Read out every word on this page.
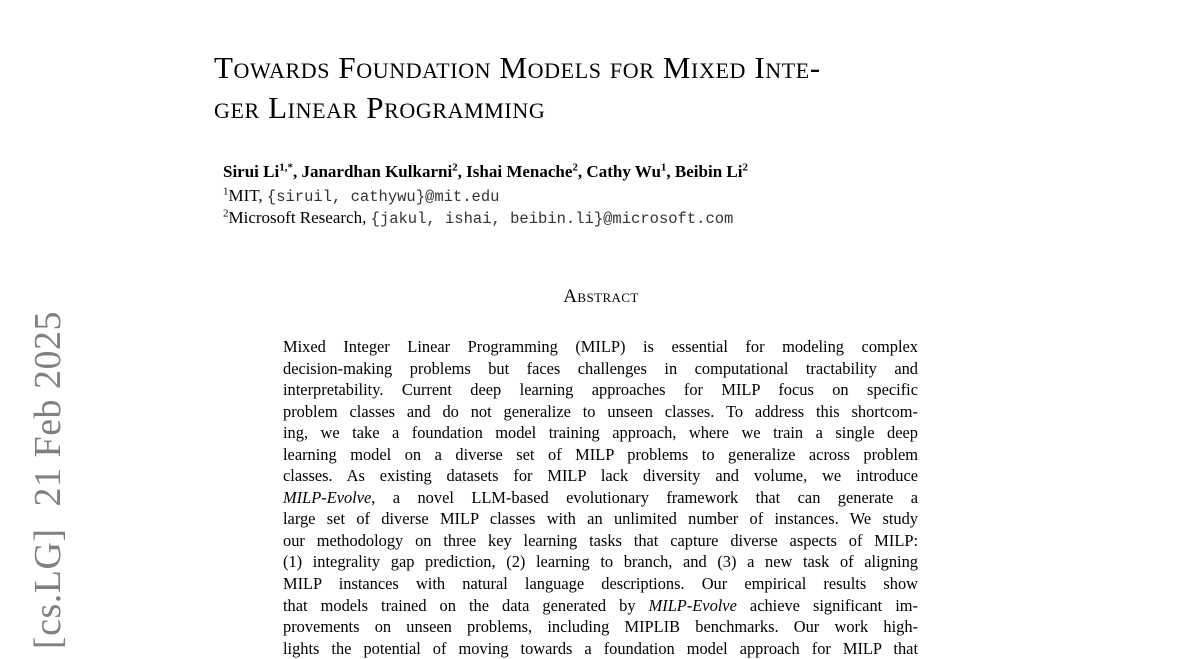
[cs.LG]21 Feb 2025
Towards Foundation Models for Mixed Inte-
ger Linear Programming

Sirui $Li^{1,*}$, Janardhan Kulkarni$^2$, Ishai Menache$^2$, Cathy Wu$^1$, Beibin Li$^2$

$^1$MIT, {siruil, cathywu}@mit.edu

$^2$Microsoft Research, {jakul, ishai, beibin.li}@microsoft.com

Abstract
Mixed Integer Linear Programming (MILP) is essential for modeling complex
decision-making problems but faces challenges in computational tractability and
interpretability. Current deep learning approaches for MILP focus on specific
problem classes and do not generalize to unseen classes. To address this shortcom-
ing, we take a foundation model training approach, where we train a single deep
learning model on a diverse set of MILP problems to generalize across problem
classes. As existing datasets for MILP lack diversity and volume, we introduce
MILP-Evolve, a novel LLM-based evolutionary framework that can generate a
large set of diverse MILP classes with an unlimited number of instances. We study
our methodology on three key learning tasks that capture diverse aspects of MILP:
(1) integrality gap prediction, (2) learning to branch, and (3) a new task of aligning
MILP instances with natural language descriptions. Our empirical results show
that models trained on the data generated by MILP-Evolve achieve significant im-
provements on unseen problems, including MIPLIB benchmarks. Our work high-
lights the potential of moving towards a foundation model approach for MILP that
